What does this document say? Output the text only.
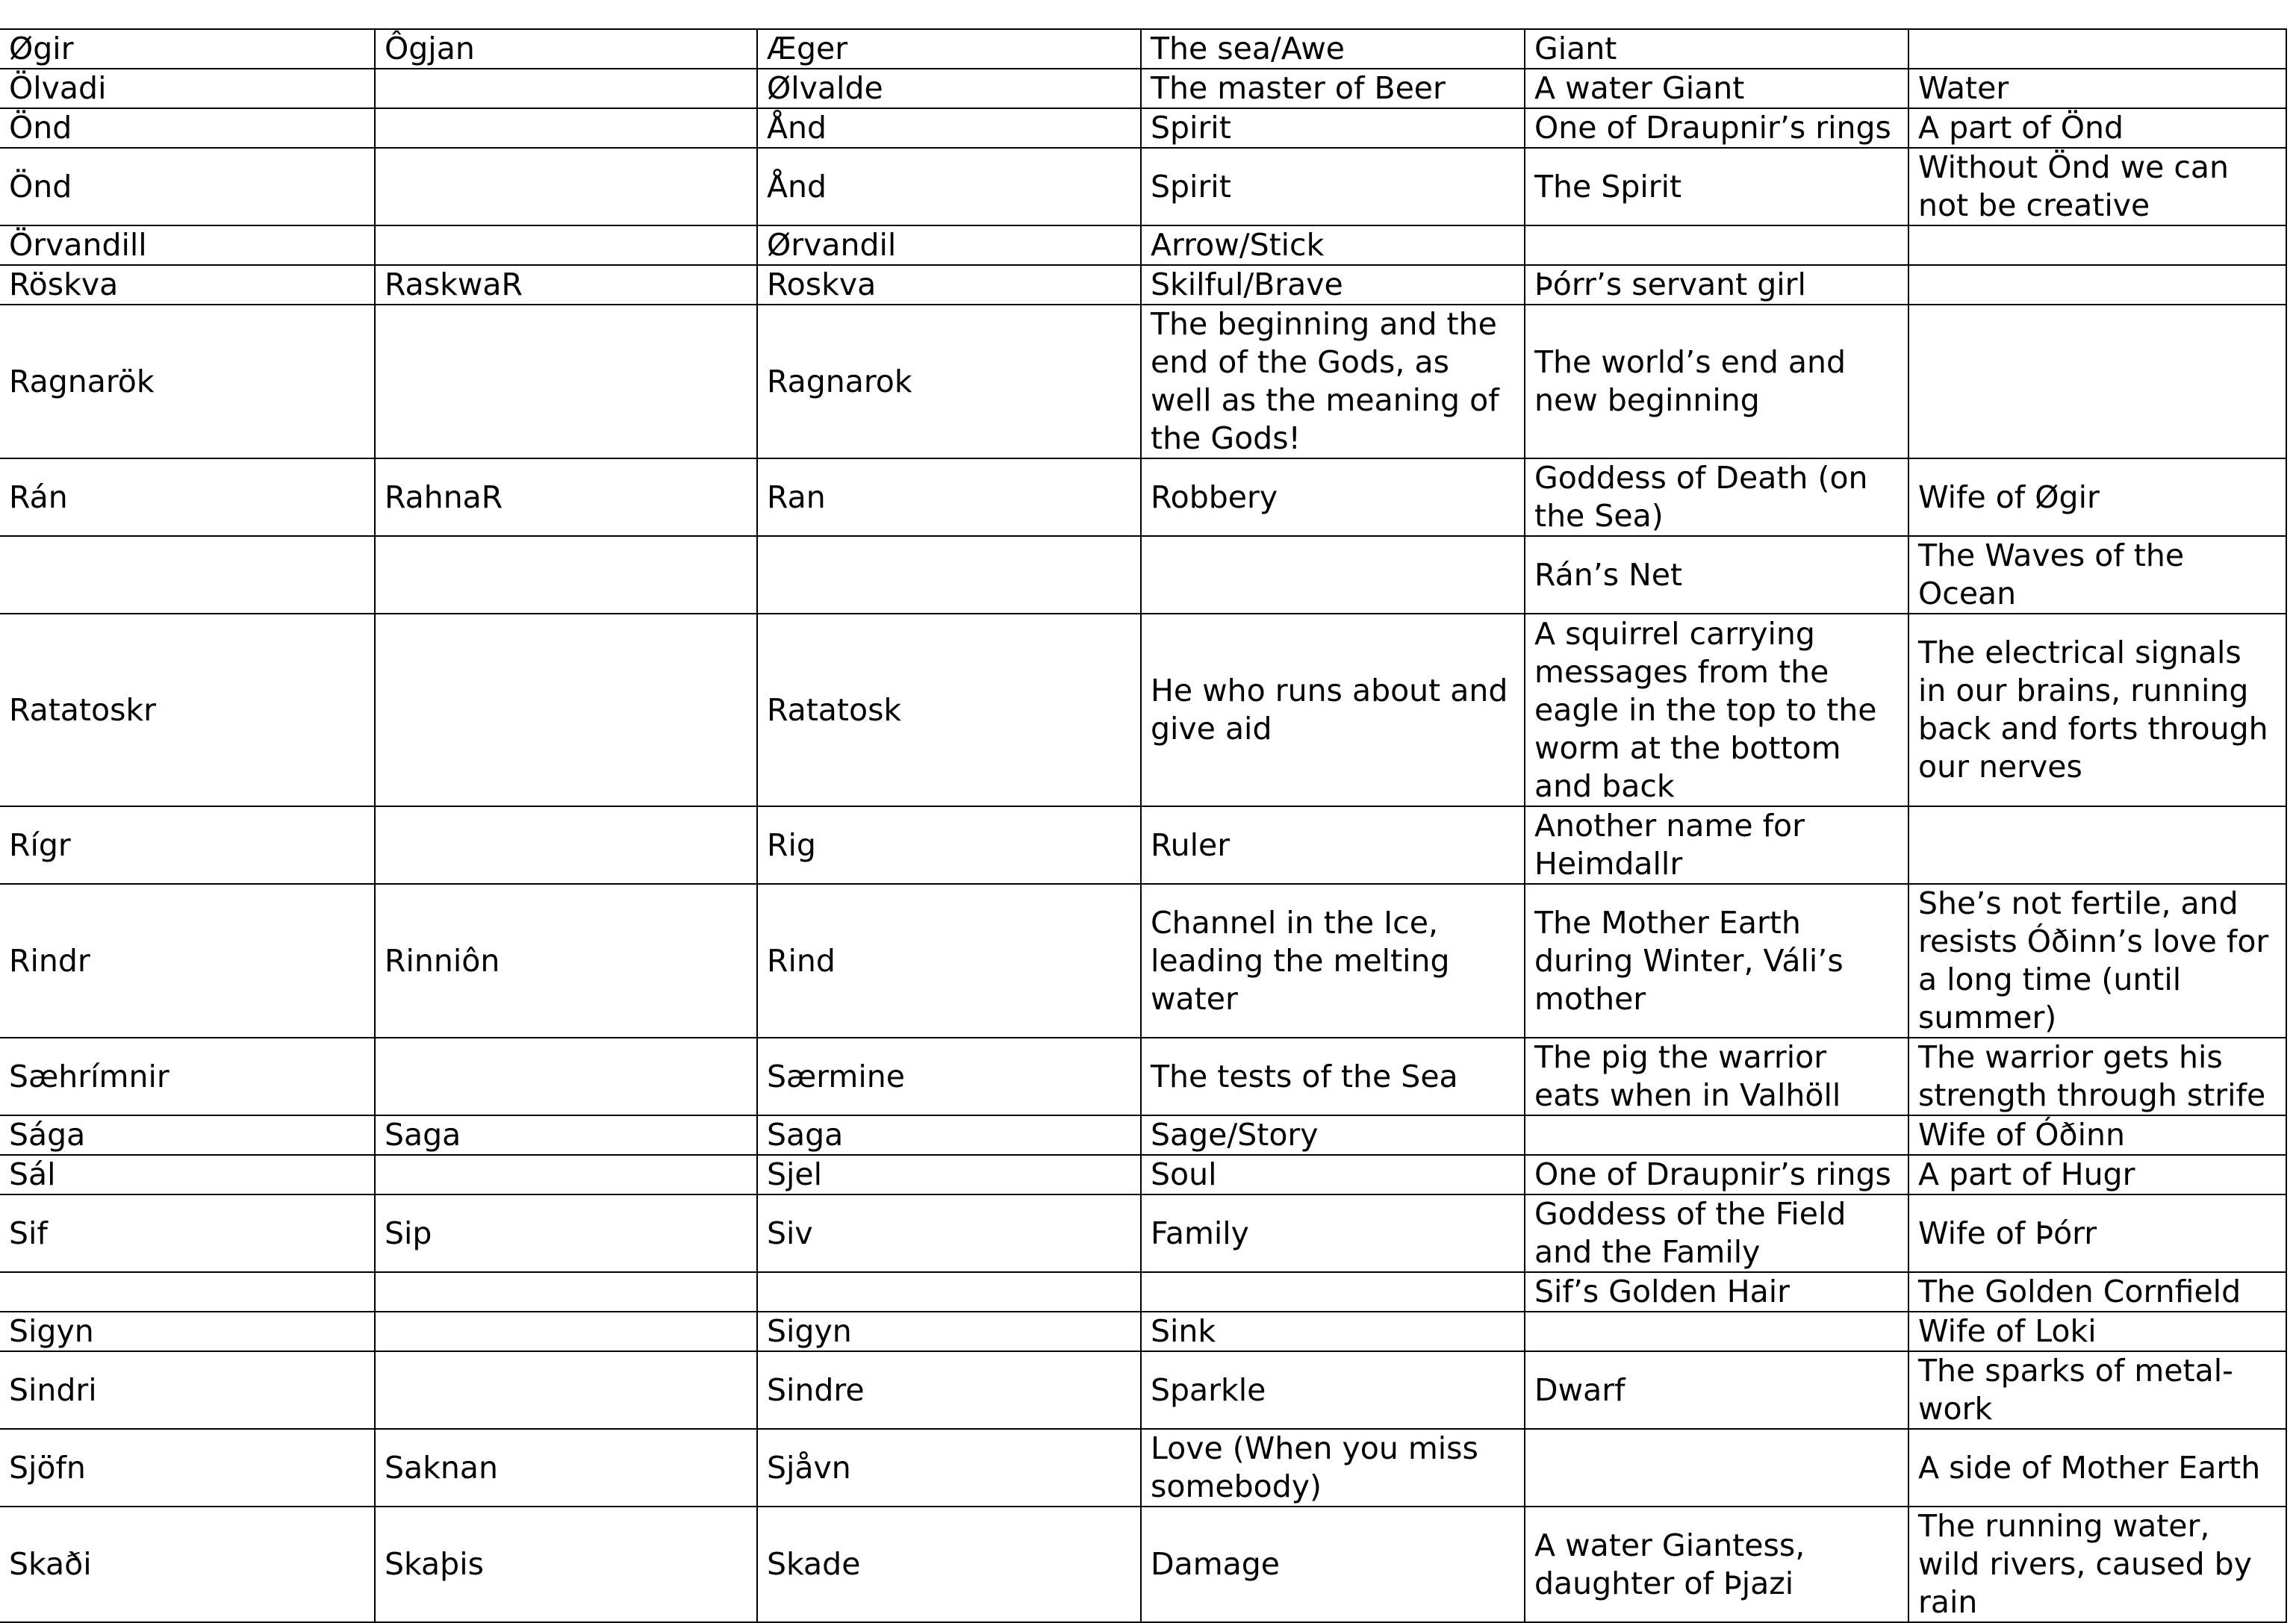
Øgir	Ôgjan	Æger	The sea/Awe	Giant	
Ölvadi		Ølvalde	The master of Beer	A water Giant	Water
Önd		Ånd	Spirit	One of Draupnir’s rings	A part of Önd
Önd		Ånd	Spirit	The Spirit	Without Önd we can not be creative
Örvandill		Ørvandil	Arrow/Stick		
Röskva	RaskwaR	Roskva	Skilful/Brave	Þórr’s servant girl	
Ragnarök		Ragnarok	The beginning and the end of the Gods, as well as the meaning of the Gods!	The world’s end and new beginning	
Rán	RahnaR	Ran	Robbery	Goddess of Death (on the Sea)	Wife of Øgir
				Rán’s Net	The Waves of the Ocean
Ratatoskr		Ratatosk	He who runs about and give aid	A squirrel carrying messages from the eagle in the top to the worm at the bottom and back	The electrical signals in our brains, running back and forts through our nerves
Rígr		Rig	Ruler	Another name for Heimdallr	
Rindr	Rinniôn	Rind	Channel in the Ice, leading the melting water	The Mother Earth during Winter, Váli’s mother	She’s not fertile, and resists Óðinn’s love for a long time (until summer)
Sæhrímnir		Særmine	The tests of the Sea	The pig the warrior eats when in Valhöll	The warrior gets his strength through strife
Sága	Saga	Saga	Sage/Story		Wife of Óðinn
Sál		Sjel	Soul	One of Draupnir’s rings	A part of Hugr
Sif	Sip	Siv	Family	Goddess of the Field and the Family	Wife of Þórr
				Sif’s Golden Hair	The Golden Cornfield
Sigyn		Sigyn	Sink		Wife of Loki
Sindri		Sindre	Sparkle	Dwarf	The sparks of metal-work
Sjöfn	Saknan	Sjåvn	Love (When you miss somebody)		A side of Mother Earth
Skaði	Skaþis	Skade	Damage	A water Giantess, daughter of Þjazi	The running water, wild rivers, caused by rain
